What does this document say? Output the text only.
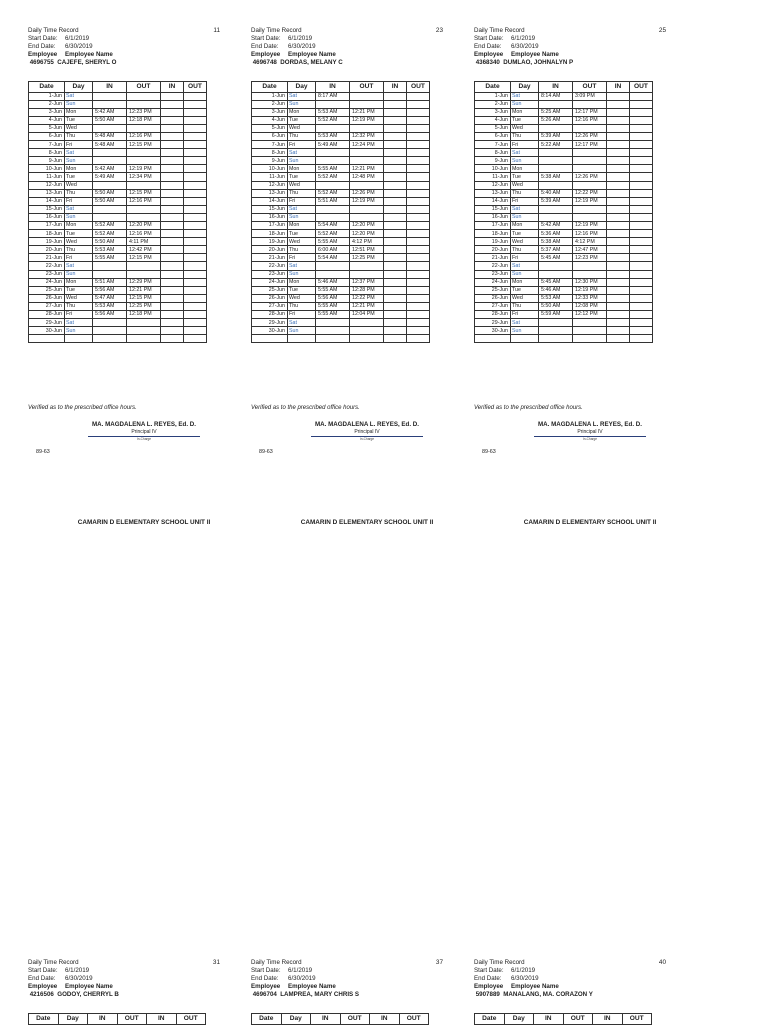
Daily Time Record
Start Date: 6/1/2019
End Date: 6/30/2019
Employee Employee Name
4696755 CAJEFE, SHERYL O
11
Date	Day	IN	OUT	IN	OUT
1-Jun	Sat				
2-Jun	Sun				
3-Jun	Mon	5:42 AM	12:23 PM		
4-Jun	Tue	5:50 AM	12:18 PM		
5-Jun	Wed				
6-Jun	Thu	5:48 AM	12:16 PM		
7-Jun	Fri	5:48 AM	12:15 PM		
8-Jun	Sat				
9-Jun	Sun				
10-Jun	Mon	5:42 AM	12:19 PM		
11-Jun	Tue	5:49 AM	12:34 PM		
12-Jun	Wed				
13-Jun	Thu	5:50 AM	12:15 PM		
14-Jun	Fri	5:50 AM	12:16 PM		
15-Jun	Sat				
16-Jun	Sun				
17-Jun	Mon	5:52 AM	12:20 PM		
18-Jun	Tue	5:52 AM	12:16 PM		
19-Jun	Wed	5:50 AM	4:11 PM		
20-Jun	Thu	5:53 AM	12:42 PM		
21-Jun	Fri	5:55 AM	12:15 PM		
22-Jun	Sat				
23-Jun	Sun				
24-Jun	Mon	5:51 AM	12:29 PM		
25-Jun	Tue	5:56 AM	12:21 PM		
26-Jun	Wed	5:47 AM	12:15 PM		
27-Jun	Thu	5:53 AM	12:25 PM		
28-Jun	Fri	5:56 AM	12:18 PM		
29-Jun	Sat				
30-Jun	Sun				

Verified as to the prescribed office hours.
MA. MAGDALENA L. REYES, Ed. D.
Principal IV
In-Charge
89-63
CAMARIN D ELEMENTARY SCHOOL UNIT II
Daily Time Record
Start Date: 6/1/2019
End Date: 6/30/2019
Employee Employee Name
4696748 DORDAS, MELANY C
23
Date	Day	IN	OUT	IN	OUT
1-Jun	Sat	8:17 AM			
2-Jun	Sun				
3-Jun	Mon	5:53 AM	12:21 PM		
4-Jun	Tue	5:52 AM	12:19 PM		
5-Jun	Wed				
6-Jun	Thu	5:53 AM	12:32 PM		
7-Jun	Fri	5:49 AM	12:24 PM		
8-Jun	Sat				
9-Jun	Sun				
10-Jun	Mon	5:55 AM	12:21 PM		
11-Jun	Tue	5:52 AM	12:48 PM		
12-Jun	Wed				
13-Jun	Thu	5:52 AM	12:26 PM		
14-Jun	Fri	5:51 AM	12:19 PM		
15-Jun	Sat				
16-Jun	Sun				
17-Jun	Mon	5:54 AM	12:20 PM		
18-Jun	Tue	5:52 AM	12:20 PM		
19-Jun	Wed	5:55 AM	4:12 PM		
20-Jun	Thu	6:00 AM	12:51 PM		
21-Jun	Fri	5:54 AM	12:25 PM		
22-Jun	Sat				
23-Jun	Sun				
24-Jun	Mon	5:46 AM	12:37 PM		
25-Jun	Tue	5:55 AM	12:28 PM		
26-Jun	Wed	5:56 AM	12:22 PM		
27-Jun	Thu	5:55 AM	12:21 PM		
28-Jun	Fri	5:55 AM	12:04 PM		
29-Jun	Sat				
30-Jun	Sun				

Verified as to the prescribed office hours.
MA. MAGDALENA L. REYES, Ed. D.
Principal IV
In-Charge
89-63
CAMARIN D ELEMENTARY SCHOOL UNIT II
Daily Time Record
Start Date: 6/1/2019
End Date: 6/30/2019
Employee Employee Name
4368340 DUMLAO, JOHNALYN P
25
Date	Day	IN	OUT	IN	OUT
1-Jun	Sat	8:14 AM	3:09 PM		
2-Jun	Sun				
3-Jun	Mon	5:25 AM	12:17 PM		
4-Jun	Tue	5:26 AM	12:16 PM		
5-Jun	Wed				
6-Jun	Thu	5:39 AM	12:26 PM		
7-Jun	Fri	5:22 AM	12:17 PM		
8-Jun	Sat				
9-Jun	Sun				
10-Jun	Mon				
11-Jun	Tue	5:38 AM	12:26 PM		
12-Jun	Wed				
13-Jun	Thu	5:40 AM	12:22 PM		
14-Jun	Fri	5:39 AM	12:19 PM		
15-Jun	Sat				
16-Jun	Sun				
17-Jun	Mon	5:42 AM	12:19 PM		
18-Jun	Tue	5:36 AM	12:16 PM		
19-Jun	Wed	5:38 AM	4:12 PM		
20-Jun	Thu	5:37 AM	12:47 PM		
21-Jun	Fri	5:45 AM	12:23 PM		
22-Jun	Sat				
23-Jun	Sun				
24-Jun	Mon	5:45 AM	12:30 PM		
25-Jun	Tue	5:46 AM	12:19 PM		
26-Jun	Wed	5:53 AM	12:33 PM		
27-Jun	Thu	5:50 AM	12:08 PM		
28-Jun	Fri	5:59 AM	12:12 PM		
29-Jun	Sat				
30-Jun	Sun				

Verified as to the prescribed office hours.
MA. MAGDALENA L. REYES, Ed. D.
Principal IV
In-Charge
89-63
CAMARIN D ELEMENTARY SCHOOL UNIT II
Daily Time Record
Start Date: 6/1/2019
End Date: 6/30/2019
Employee Employee Name
4216506 GODOY, CHERRYL B
31
Date	Day	IN	OUT	IN	OUT
Daily Time Record
Start Date: 6/1/2019
End Date: 6/30/2019
Employee Employee Name
4696704 LAMPREA, MARY CHRIS S
37
Date	Day	IN	OUT	IN	OUT
Daily Time Record
Start Date: 6/1/2019
End Date: 6/30/2019
Employee Employee Name
5907889 MANALANG, MA. CORAZON Y
40
Date	Day	IN	OUT	IN	OUT
